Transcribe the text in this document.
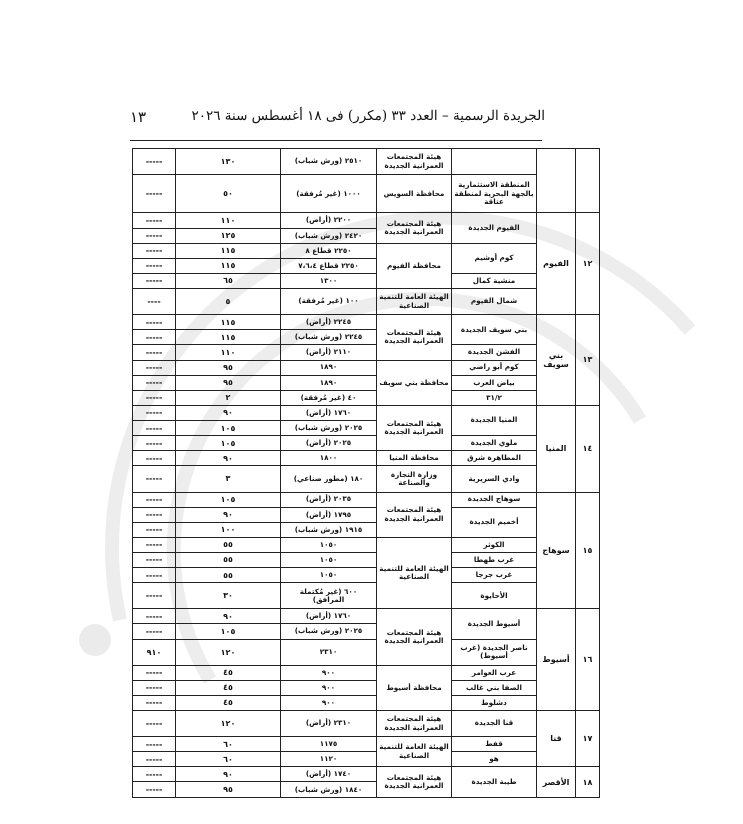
الجريدة الرسمية – العدد ٣٣ (مكرر) فى ١٨ أغسطس سنة ٢٠٢٦
١٣
			هيئة المجتمعات العمرانية الجديدة	٢٥١٠ (ورش شباب)	١٣٠	-----
		المنطقة الاستثمارية بالجهة البحرية لمنطقة عتاقة	محافظة السويس	١٠٠٠ (غير مُرفقة)	٥٠	-----
١٢	الفيوم	الفيوم الجديدة	هيئة المجتمعات العمرانية الجديدة	٢٢٠٠ (أراض)	١١٠	-----
				٢٤٢٠ (ورش شباب)	١٢٥	-----
		كوم أوشيم	محافظة الفيوم	٢٢٥٠ قطاع ٨	١١٥	-----
				٢٢٥٠ قطاع ٧،٦،٤	١١٥	-----
		منشية كمال		١٣٠٠	٦٥	-----
		شمال الفيوم	الهيئة العامة للتنمية الصناعية	١٠٠ (غير مُرفقة)	٥	----

١٣	بني سويف	بني سويف الجديدة	هيئة المجتمعات العمرانية الجديدة	٢٢٤٥ (أراض)	١١٥	-----
				٢٢٤٥ (ورش شباب)	١١٥	-----
		الفشن الجديدة		٢١١٠ (أراض)	١١٠	-----
		كوم أبو راضي	محافظة بني سويف	١٨٩٠	٩٥	-----
		بياض العرب		١٨٩٠	٩٥	-----
		٣١/٢		٤٠ (غير مُرفقة)	٢	-----

١٤	المنيا	المنيا الجديدة	هيئة المجتمعات العمرانية الجديدة	١٧٦٠ (أراض)	٩٠	-----
				٢٠٢٥ (ورش شباب)	١٠٥	-----
		ملوي الجديدة		٢٠٢٥ (أراض)	١٠٥	-----
		المطاهرة شرق	محافظة المنيا	١٨٠٠	٩٠	-----
		وادي السريرية	وزارة التجارة والصناعة	١٨٠ (مطور صناعي)	٣	-----
١٥	سوهاج	سوهاج الجديدة	هيئة المجتمعات العمرانية الجديدة	٢٠٣٥ (أراض)	١٠٥	-----
		أخميم الجديدة		١٧٩٥ (أراض)	٩٠	-----
				١٩١٥ (ورش شباب)	١٠٠	-----
		الكوثر	الهيئة العامة للتنمية الصناعية	١٠٥٠	٥٥	-----
		غرب طهطا		١٠٥٠	٥٥	-----
		غرب جرجا		١٠٥٠	٥٥	-----
		الأحايوة		٦٠٠ (غير مُكتملة المرافق)	٣٠	-----
١٦	أسيوط	أسيوط الجديدة	هيئة المجتمعات العمرانية الجديدة	١٧٦٠ (أراض)	٩٠	-----
				٢٠٢٥ (ورش شباب)	١٠٥	-----
		ناصر الجديدة (غرب أسيوط)		٢٣١٠	١٢٠	٩١٠
		عرب العوامر	محافظة أسيوط	٩٠٠	٤٥	-----
		الصفا بني غالب		٩٠٠	٤٥	-----
		دشلوط		٩٠٠	٤٥	-----

١٧	قنا	قنا الجديدة	هيئة المجتمعات العمرانية الجديدة	٢٣١٠ (أراض)	١٢٠	-----
		قفط	الهيئة العامة للتنمية الصناعية	١١٧٥	٦٠	-----
		هو		١١٢٠	٦٠	-----
١٨	الأقصر	طيبة الجديدة	هيئة المجتمعات العمرانية الجديدة	١٧٤٠ (أراض)	٩٠	-----
				١٨٤٠ (ورش شباب)	٩٥	-----
